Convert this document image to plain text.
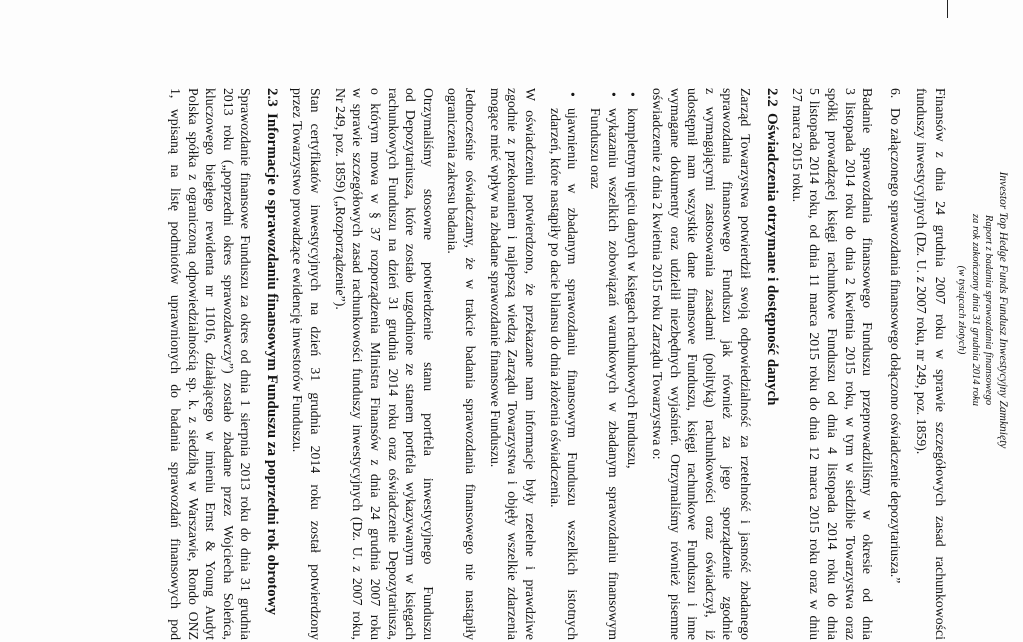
Investor Top Hedge Funds Fundusz Inwestycyjny Zamknięty
Raport z badania sprawozdania finansowego
za rok zakończony dnia 31 grudnia 2014 roku
(w tysiącach złotych)
Finansów z dnia 24 grudnia 2007 roku w sprawie szczegółowych zasad rachunkowości
funduszy inwestycyjnych (Dz. U. z 2007 roku, nr 249, poz. 1859).
6.
Do załączonego sprawozdania finansowego dołączono oświadczenie depozytariusza.”
Badanie sprawozdania finansowego Funduszu przeprowadziliśmy w okresie od dnia
3 listopada 2014 roku do dnia 2 kwietnia 2015 roku, w tym w siedzibie Towarzystwa oraz
spółki prowadzącej księgi rachunkowe Funduszu od dnia 4 listopada 2014 roku do dnia
5 listopada 2014 roku, od dnia 11 marca 2015 roku do dnia 12 marca 2015 roku oraz w dniu
27 marca 2015 roku.
2.2
Oświadczenia otrzymane i dostępność danych
Zarząd Towarzystwa potwierdził swoją odpowiedzialność za rzetelność i jasność zbadanego
sprawozdania finansowego Funduszu jak również za jego sporządzenie zgodnie
z wymagającymi zastosowania zasadami (polityką) rachunkowości oraz oświadczył, iż
udostępnił nam wszystkie dane finansowe Funduszu, księgi rachunkowe Funduszu i inne
wymagane dokumenty oraz udzielił niezbędnych wyjaśnień. Otrzymaliśmy również pisemne
oświadczenie z dnia 2 kwietnia 2015 roku Zarządu Towarzystwa o:
•
kompletnym ujęciu danych w księgach rachunkowych Funduszu,
•
wykazaniu wszelkich zobowiązań warunkowych w zbadanym sprawozdaniu finansowym
Funduszu oraz
•
ujawnieniu w zbadanym sprawozdaniu finansowym Funduszu wszelkich istotnych
zdarzeń, które nastąpiły po dacie bilansu do dnia złożenia oświadczenia.
W oświadczeniu potwierdzono, że przekazane nam informacje były rzetelne i prawdziwe
zgodnie z przekonaniem i najlepszą wiedzą Zarządu Towarzystwa i objęły wszelkie zdarzenia
mogące mieć wpływ na zbadane sprawozdanie finansowe Funduszu.
Jednocześnie oświadczamy, że w trakcie badania sprawozdania finansowego nie nastąpiły
ograniczenia zakresu badania.
Otrzymaliśmy stosowne potwierdzenie stanu portfela inwestycyjnego Funduszu
od Depozytariusza, które zostało uzgodnione ze stanem portfela wykazywanym w księgach
rachunkowych Funduszu na dzień 31 grudnia 2014 roku oraz oświadczenie Depozytariusza,
o którym mowa w § 37 rozporządzenia Ministra Finansów z dnia 24 grudnia 2007 roku
w sprawie szczegółowych zasad rachunkowości funduszy inwestycyjnych (Dz. U. z 2007 roku,
Nr 249, poz. 1859) („Rozporządzenie”).
Stan certyfikatów inwestycyjnych na dzień 31 grudnia 2014 roku został potwierdzony
przez Towarzystwo prowadzące ewidencję inwestorów Funduszu.
2.3
Informacje o sprawozdaniu finansowym Funduszu za poprzedni rok obrotowy
Sprawozdanie finansowe Funduszu za okres od dnia 1 sierpnia 2013 roku do dnia 31 grudnia
2013 roku („poprzedni okres sprawozdawczy”) zostało zbadane przez Wojciecha Soleńca,
kluczowego biegłego rewidenta nr 11016, działającego w imieniu Ernst & Young Audyt
Polska spółka z ograniczoną odpowiedzialnością sp. k. z siedzibą w Warszawie, Rondo ONZ
1, wpisaną na listę podmiotów uprawnionych do badania sprawozdań finansowych pod
